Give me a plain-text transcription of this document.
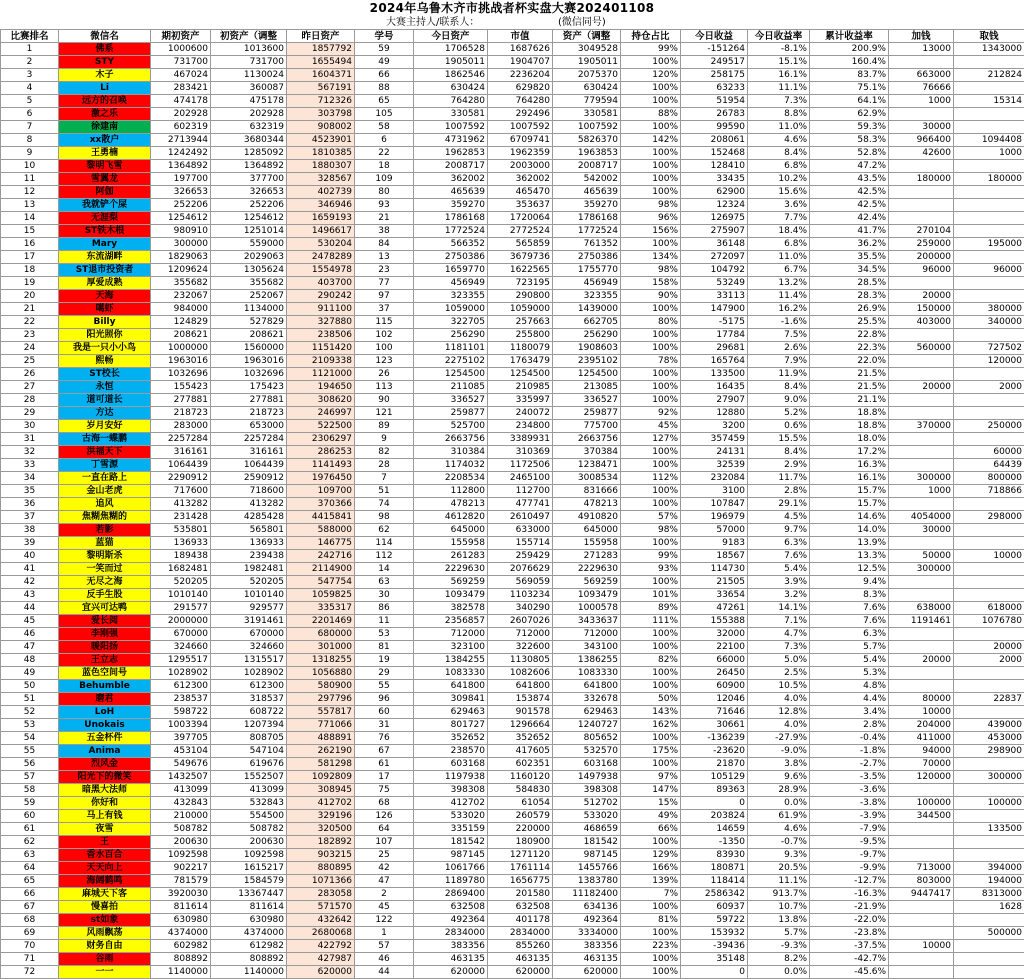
2024年乌鲁木齐市挑战者杯实盘大赛202401108
大赛主持人/联系人：	(微信同号)
比赛排名	微信名	期初资产	初资产（调整	昨日资产	学号	今日资产	市值	资产（调整	持仓占比	今日收益	今日收益率	累计收益率	加钱	取钱
1	佛系	1000600	1013600	1857792	59	1706528	1687626	3049528	99%	-151264	-8.1%	200.9%	13000	1343000
2	STY	731700	731700	1655494	49	1905011	1904707	1905011	100%	249517	15.1%	160.4%		
3	木子	467024	1130024	1604371	66	1862546	2236204	2075370	120%	258175	16.1%	83.7%	663000	212824
4	Li	283421	360087	567191	88	630424	629820	630424	100%	63233	11.1%	75.1%	76666	
5	远方的召唤	474178	475178	712326	65	764280	764280	779594	100%	51954	7.3%	64.1%	1000	15314
6	激之乐	202928	202928	303798	105	330581	292496	330581	88%	26783	8.8%	62.9%		
7	徐建南	602319	632319	908002	58	1007592	1007592	1007592	100%	99590	11.0%	59.3%	30000	
8	xx散户	2713944	3680344	4523901	6	4731962	6709741	5826370	142%	208061	4.6%	58.3%	966400	1094408
9	王勇楠	1242492	1285092	1810385	22	1962853	1962359	1963853	100%	152468	8.4%	52.8%	42600	1000
10	黎明飞雪	1364892	1364892	1880307	18	2008717	2003000	2008717	100%	128410	6.8%	47.2%		
11	雪翼龙	197700	377700	328567	109	362002	362002	542002	100%	33435	10.2%	43.5%	180000	180000
12	阿伽	326653	326653	402739	80	465639	465470	465639	100%	62900	15.6%	42.5%		
13	我就铲个屎	252206	252206	346946	93	359270	353637	359270	98%	12324	3.6%	42.5%		
14	无涯梨	1254612	1254612	1659193	21	1786168	1720064	1786168	96%	126975	7.7%	42.4%		
15	ST铁木根	980910	1251014	1496617	38	1772524	2772524	1772524	156%	275907	18.4%	41.7%	270104	
16	Mary	300000	559000	530204	84	566352	565859	761352	100%	36148	6.8%	36.2%	259000	195000
17	东流湖畔	1829063	2029063	2478289	13	2750386	3679736	2750386	134%	272097	11.0%	35.5%	200000	
18	ST退市投资者	1209624	1305624	1554978	23	1659770	1622565	1755770	98%	104792	6.7%	34.5%	96000	96000
19	厚爱成熟	355682	355682	403700	77	456949	723195	456949	158%	53249	13.2%	28.5%		
20	天海	232067	252067	290242	97	323355	290800	323355	90%	33113	11.4%	28.3%	20000	
21	噶虾	984000	1134000	911100	37	1059000	1059000	1439000	100%	147900	16.2%	26.9%	150000	380000
22	Billy	124829	527829	327880	115	322705	257663	662705	80%	-5175	-1.6%	25.5%	403000	340000
23	阳光照你	208621	208621	238506	102	256290	255800	256290	100%	17784	7.5%	22.8%		
24	我是一只小小鸟	1000000	1560000	1151420	100	1181101	1180079	1908603	100%	29681	2.6%	22.3%	560000	727502
25	熙畅	1963016	1963016	2109338	123	2275102	1763479	2395102	78%	165764	7.9%	22.0%		120000
26	ST校长	1032696	1032696	1121000	26	1254500	1254500	1254500	100%	133500	11.9%	21.5%		
27	永恒	155423	175423	194650	113	211085	210985	213085	100%	16435	8.4%	21.5%	20000	2000
28	道可道长	277881	277881	308620	90	336527	335997	336527	100%	27907	9.0%	21.1%		
29	方达	218723	218723	246997	121	259877	240072	259877	92%	12880	5.2%	18.8%		
30	岁月安好	283000	653000	522500	89	525700	234800	775700	45%	3200	0.6%	18.8%	370000	250000
31	古海一蝶鹏	2257284	2257284	2306297	9	2663756	3389931	2663756	127%	357459	15.5%	18.0%		
32	洪福天下	316161	316161	286253	82	310384	310369	370384	100%	24131	8.4%	17.2%		60000
33	丁雪源	1064439	1064439	1141493	28	1174032	1172506	1238471	100%	32539	2.9%	16.3%		64439
34	一直在路上	2290912	2590912	1976450	7	2208534	2465100	3008534	112%	232084	11.7%	16.1%	300000	800000
35	金山老虎	717600	718600	109700	51	112800	112700	831666	100%	3100	2.8%	15.7%	1000	718866
36	追风	413282	413282	370366	74	478213	477741	478213	100%	107847	29.1%	15.7%		
37	焦糊焦糊的	231428	4285428	4415841	98	4612820	2610497	4910820	57%	196979	4.5%	14.6%	4054000	298000
38	若影	535801	565801	588000	62	645000	633000	645000	98%	57000	9.7%	14.0%	30000	
39	蓝猫	136933	136933	146775	114	155958	155714	155958	100%	9183	6.3%	13.9%		
40	黎明斯杀	189438	239438	242716	112	261283	259429	271283	99%	18567	7.6%	13.3%	50000	10000
41	一笑而过	1682481	1982481	2114900	14	2229630	2076629	2229630	93%	114730	5.4%	12.5%	300000	
42	无尽之海	520205	520205	547754	63	569259	569059	569259	100%	21505	3.9%	9.4%		
43	反手生股	1010140	1010140	1059825	30	1093479	1103234	1093479	101%	33654	3.2%	8.3%		
44	宜兴可达鸭	291577	929577	335317	86	382578	340290	1000578	89%	47261	14.1%	7.6%	638000	618000
45	爱长阅	2000000	3191461	2201469	11	2356857	2607026	3433637	111%	155388	7.1%	7.6%	1191461	1076780
46	李刚强	670000	670000	680000	53	712000	712000	712000	100%	32000	4.7%	6.3%		
47	暖阳扬	324660	324660	301000	81	323100	322600	343100	100%	22100	7.3%	5.7%		20000
48	王立志	1295517	1315517	1318255	19	1384255	1130805	1386255	82%	66000	5.0%	5.4%	20000	2000
49	蓝色空间号	1028902	1028902	1056880	29	1083330	1082606	1083330	100%	26450	2.5%	5.3%		
50	Behumble	612300	612300	580900	55	641800	641800	641800	100%	60900	10.5%	4.8%		
51	磨君	238537	318537	297796	96	309841	153874	332678	50%	12046	4.0%	4.4%	80000	22837
52	LoH	598722	608722	557817	60	629463	901578	629463	143%	71646	12.8%	3.4%	10000	
53	Unokais	1003394	1207394	771066	31	801727	1296664	1240727	162%	30661	4.0%	2.8%	204000	439000
54	五金杯件	397705	808705	488891	76	352652	352652	805652	100%	-136239	-27.9%	-0.4%	411000	453000
55	Anima	453104	547104	262190	67	238570	417605	532570	175%	-23620	-9.0%	-1.8%	94000	298900
56	烈风金	549676	619676	581298	61	603168	602351	603168	100%	21870	3.8%	-2.7%	70000	
57	阳光下的微笑	1432507	1552507	1092809	17	1197938	1160120	1497938	97%	105129	9.6%	-3.5%	120000	300000
58	暗黑大法师	413099	413099	308945	75	398308	584830	398308	147%	89363	28.9%	-3.6%		
59	你好和	432843	532843	412702	68	412702	61054	512702	15%	0	0.0%	-3.8%	100000	100000
60	马上有钱	210000	554500	329196	126	533020	260579	533020	49%	203824	61.9%	-3.9%	344500	
61	夜雪	508782	508782	320500	64	335159	220000	468659	66%	14659	4.6%	-7.9%		133500
62	王	200630	200630	182892	107	181542	180900	181542	100%	-1350	-0.7%	-9.5%		
63	香水百合	1092598	1092598	903215	25	987145	1271120	987145	129%	83930	9.3%	-9.7%		
64	天天向上	902217	1615217	880895	42	1061766	1761114	1455766	166%	180871	20.5%	-9.9%	713000	394000
65	海阔鹤鸣	781579	1584579	1071366	47	1189780	1656775	1383780	139%	118414	11.1%	-12.7%	803000	194000
66	麻城天下客	3920030	13367447	283058	2	2869400	201580	11182400	7%	2586342	913.7%	-16.3%	9447417	8313000
67	慢喜拍	811614	811614	571570	45	632508	632508	634136	100%	60937	10.7%	-21.9%		1628
68	st如象	630980	630980	432642	122	492364	401178	492364	81%	59722	13.8%	-22.0%		
69	风雨飘荡	4374000	4374000	2680068	1	2834000	2834000	3334000	100%	153932	5.7%	-23.8%		500000
70	财务自由	602982	612982	422792	57	383356	855260	383356	223%	-39436	-9.3%	-37.5%	10000	
71	谷雨	808892	808892	427987	46	463135	463135	463135	100%	35148	8.2%	-42.7%		
72	一一	1140000	1140000	620000	44	620000	620000	620000	100%	0	0.0%	-45.6%		
